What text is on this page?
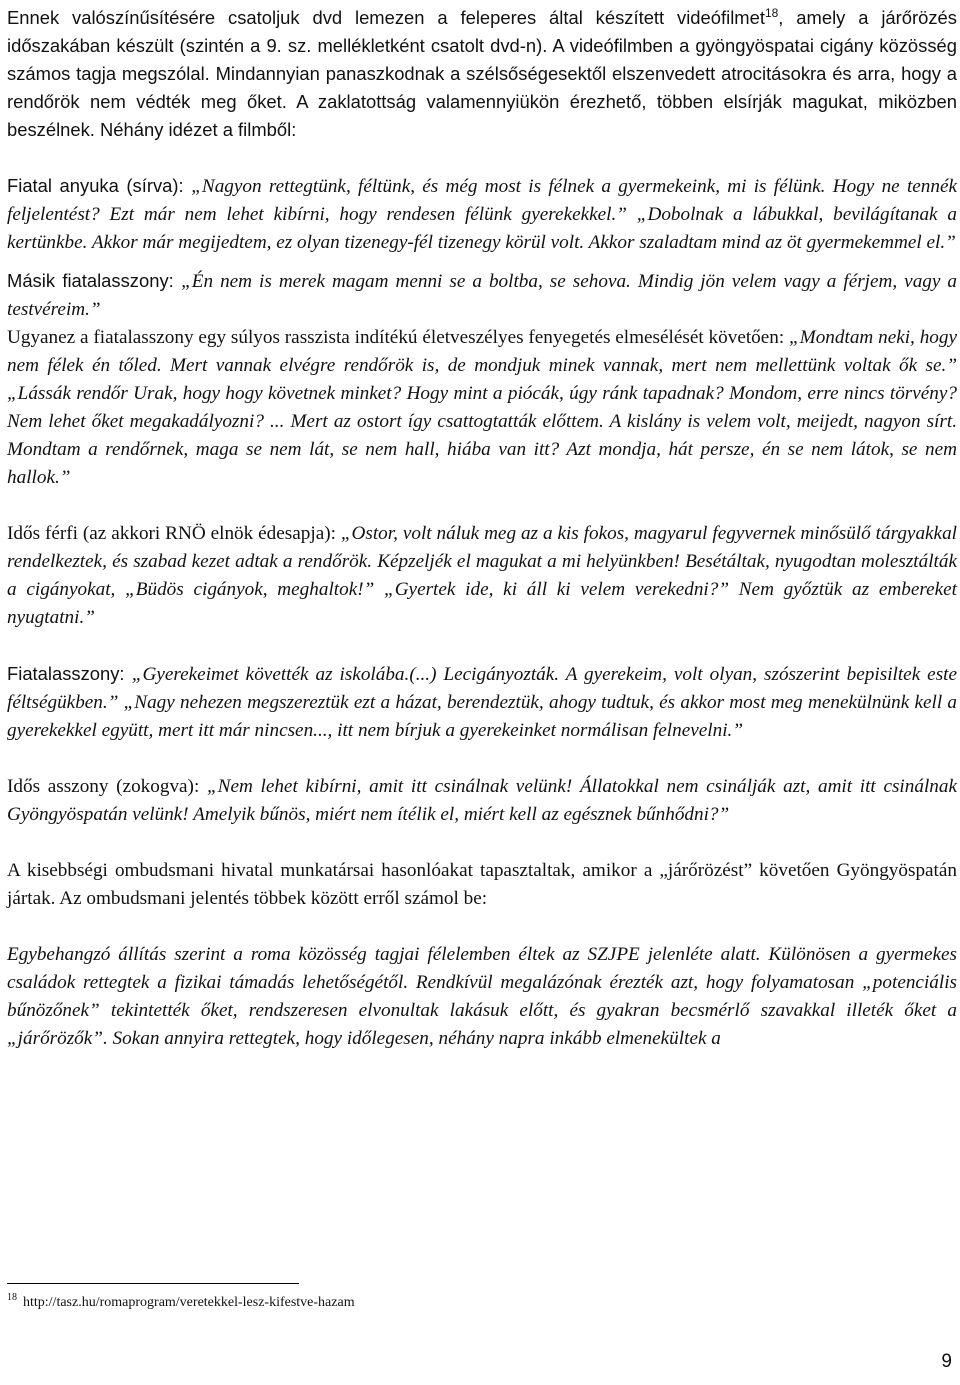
Ennek valószínűsítésére csatoljuk dvd lemezen a feleperes által készített videófilmet$^{18}$, amely a járőrözés időszakában készült (szintén a 9. sz. mellékletként csatolt dvd-n). A videófilmben a gyöngyöspatai cigány közösség számos tagja megszólal. Mindannyian panaszkodnak a szélsőségesektől elszenvedett atrocitásokra és arra, hogy a rendőrök nem védték meg őket. A zaklatottság valamennyiükön érezhető, többen elsírják magukat, miközben beszélnek. Néhány idézet a filmből:

Fiatal anyuka (sírva): „Nagyon rettegtünk, féltünk, és még most is félnek a gyermekeink, mi is félünk. Hogy ne tennék feljelentést? Ezt már nem lehet kibírni, hogy rendesen félünk gyerekekkel.” „Dobolnak a lábukkal, bevilágítanak a kertünkbe. Akkor már megijedtem, ez olyan tizenegy-fél tizenegy körül volt. Akkor szaladtam mind az öt gyermekemmel el.”

Másik fiatalasszony: „Én nem is merek magam menni se a boltba, se sehova. Mindig jön velem vagy a férjem, vagy a testvéreim.”

Ugyanez a fiatalasszony egy súlyos rasszista indítékú életveszélyes fenyegetés elmesélését követően: „Mondtam neki, hogy nem félek én tőled. Mert vannak elvégre rendőrök is, de mondjuk minek vannak, mert nem mellettünk voltak ők se.” „Lássák rendőr Urak, hogy hogy követnek minket? Hogy mint a piócák, úgy ránk tapadnak? Mondom, erre nincs törvény? Nem lehet őket megakadályozni? ... Mert az ostort így csattogtatták előttem. A kislány is velem volt, meijedt, nagyon sírt. Mondtam a rendőrnek, maga se nem lát, se nem hall, hiába van itt? Azt mondja, hát persze, én se nem látok, se nem hallok.”

Idős férfi (az akkori RNÖ elnök édesapja): „Ostor, volt náluk meg az a kis fokos, magyarul fegyvernek minősülő tárgyakkal rendelkeztek, és szabad kezet adtak a rendőrök. Képzeljék el magukat a mi helyünkben! Besétáltak, nyugodtan molesztálták a cigányokat, „Büdös cigányok, meghaltok!” „Gyertek ide, ki áll ki velem verekedni?” Nem győztük az embereket nyugtatni.”

Fiatalasszony: „Gyerekeimet követték az iskolába.(...) Lecigányozták. A gyerekeim, volt olyan, szószerint bepisiltek este féltségükben.” „Nagy nehezen megszereztük ezt a házat, berendeztük, ahogy tudtuk, és akkor most meg menekülnünk kell a gyerekekkel együtt, mert itt már nincsen..., itt nem bírjuk a gyerekeinket normálisan felnevelni.”

Idős asszony (zokogva): „Nem lehet kibírni, amit itt csinálnak velünk! Állatokkal nem csinálják azt, amit itt csinálnak Gyöngyöspatán velünk! Amelyik bűnös, miért nem ítélik el, miért kell az egésznek bűnhődni?”

A kisebbségi ombudsmani hivatal munkatársai hasonlóakat tapasztaltak, amikor a „járőrözést” követően Gyöngyöspatán jártak. Az ombudsmani jelentés többek között erről számol be:

Egybehangzó állítás szerint a roma közösség tagjai félelemben éltek az SZJPE jelenléte alatt. Különösen a gyermekes családok rettegtek a fizikai támadás lehetőségétől. Rendkívül megalázónak érezték azt, hogy folyamatosan „potenciális bűnözőnek” tekintették őket, rendszeresen elvonultak lakásuk előtt, és gyakran becsmérlő szavakkal illeték őket a „járőrözők”. Sokan annyira rettegtek, hogy időlegesen, néhány napra inkább elmenekültek a

$^{18}$ http://tasz.hu/romaprogram/veretekkel-lesz-kifestve-hazam
9
